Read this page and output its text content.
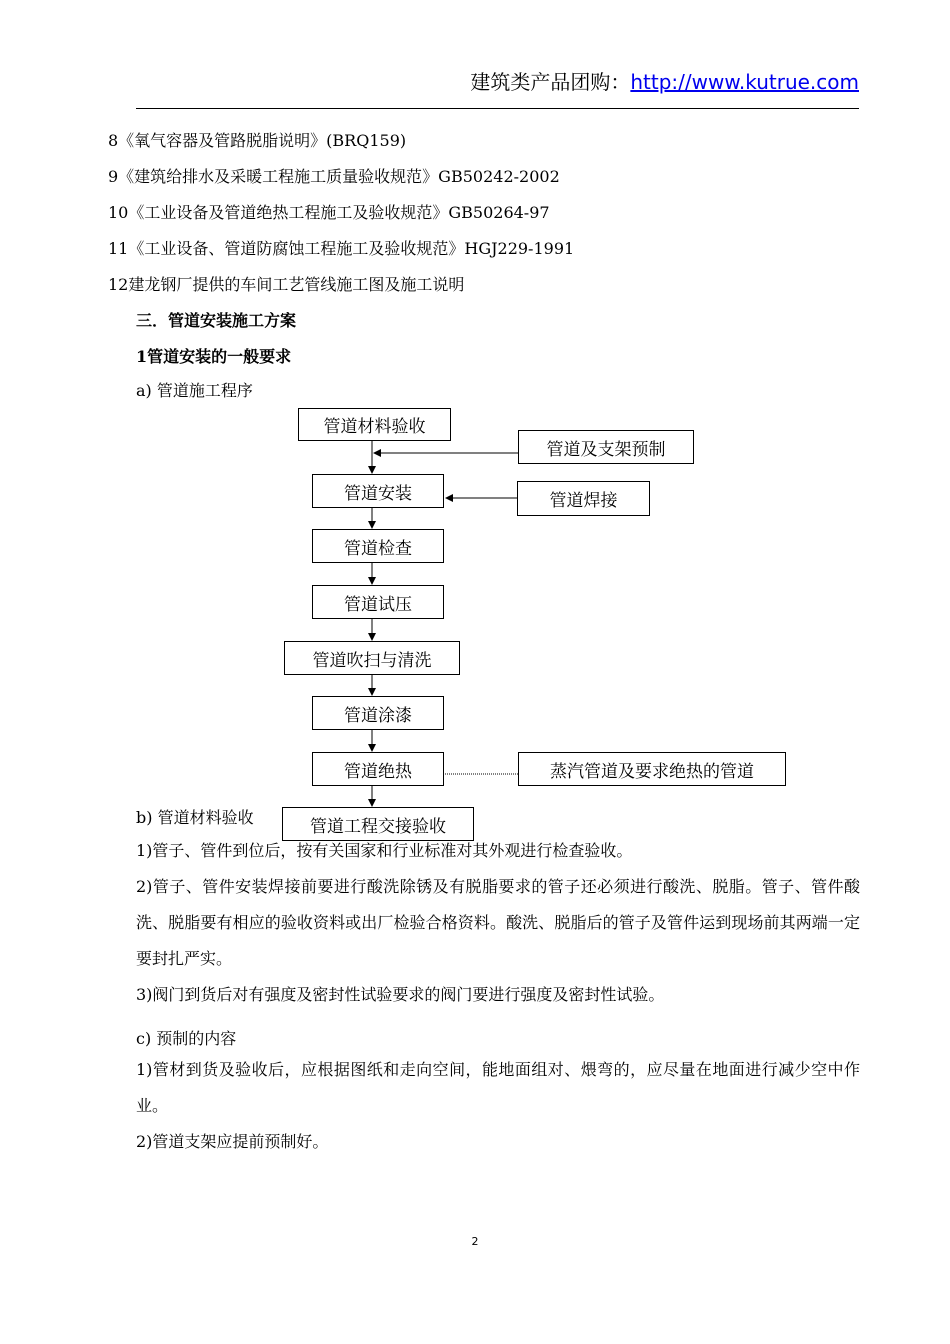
建筑类产品团购：http://www.kutrue.com
8《氧气容器及管路脱脂说明》(BRQ159)
9《建筑给排水及采暖工程施工质量验收规范》GB50242-2002
10《工业设备及管道绝热工程施工及验收规范》GB50264-97
11《工业设备、管道防腐蚀工程施工及验收规范》HGJ229-1991
12建龙钢厂提供的车间工艺管线施工图及施工说明
三．管道安装施工方案
1管道安装的一般要求
a) 管道施工程序
管道材料验收
管道及支架预制
管道安装	管道焊接
管道检查
管道试压
管道吹扫与清洗
管道涂漆
管道绝热	蒸汽管道及要求绝热的管道
b) 管道材料验收	管道工程交接验收
1)管子、管件到位后，按有关国家和行业标准对其外观进行检查验收。
2)管子、管件安装焊接前要进行酸洗除锈及有脱脂要求的管子还必须进行酸洗、脱脂。管子、管件酸洗、脱脂要有相应的验收资料或出厂检验合格资料。酸洗、脱脂后的管子及管件运到现场前其两端一定要封扎严实。
3)阀门到货后对有强度及密封性试验要求的阀门要进行强度及密封性试验。
c) 预制的内容
1)管材到货及验收后，应根据图纸和走向空间，能地面组对、煨弯的，应尽量在地面进行减少空中作业。
2)管道支架应提前预制好。
2
